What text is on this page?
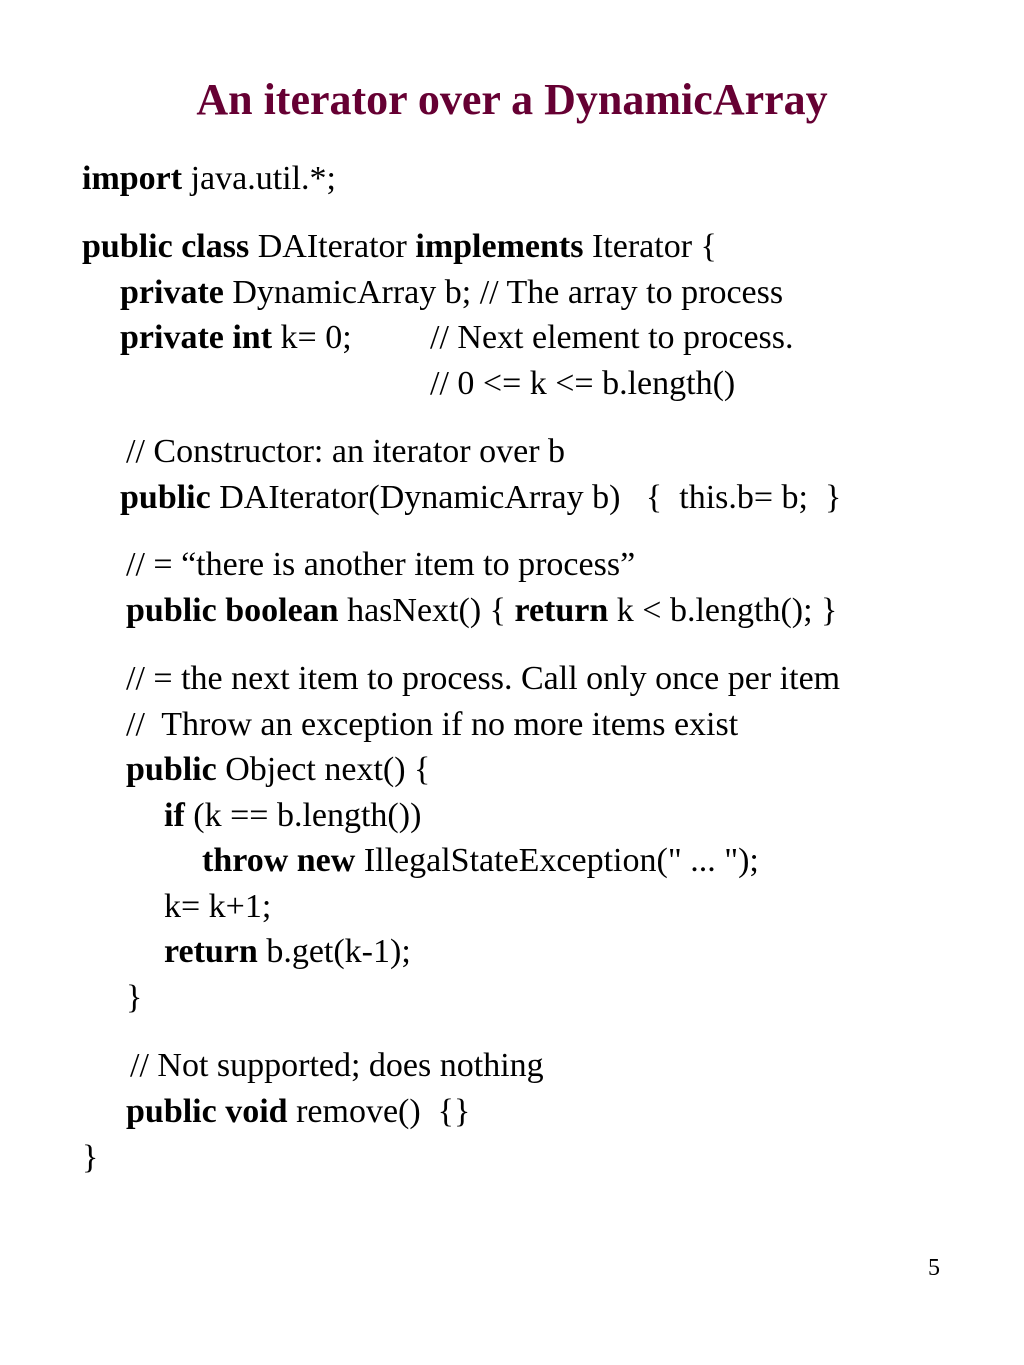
An iterator over a DynamicArray
import java.util.*;
public class DAIterator implements Iterator {
private DynamicArray b; // The array to process
private int k= 0; // Next element to process.
// 0 <= k <= b.length()
// Constructor: an iterator over b
public DAIterator(DynamicArray b)   {  this.b= b;  }
// = “there is another item to process”
public boolean hasNext() { return k < b.length(); }
// = the next item to process. Call only once per item
//  Throw an exception if no more items exist
public Object next() {
if (k == b.length())
throw new IllegalStateException(" ... ");
k= k+1;
return b.get(k-1);
}
// Not supported; does nothing
public void remove()  {}
}
5
